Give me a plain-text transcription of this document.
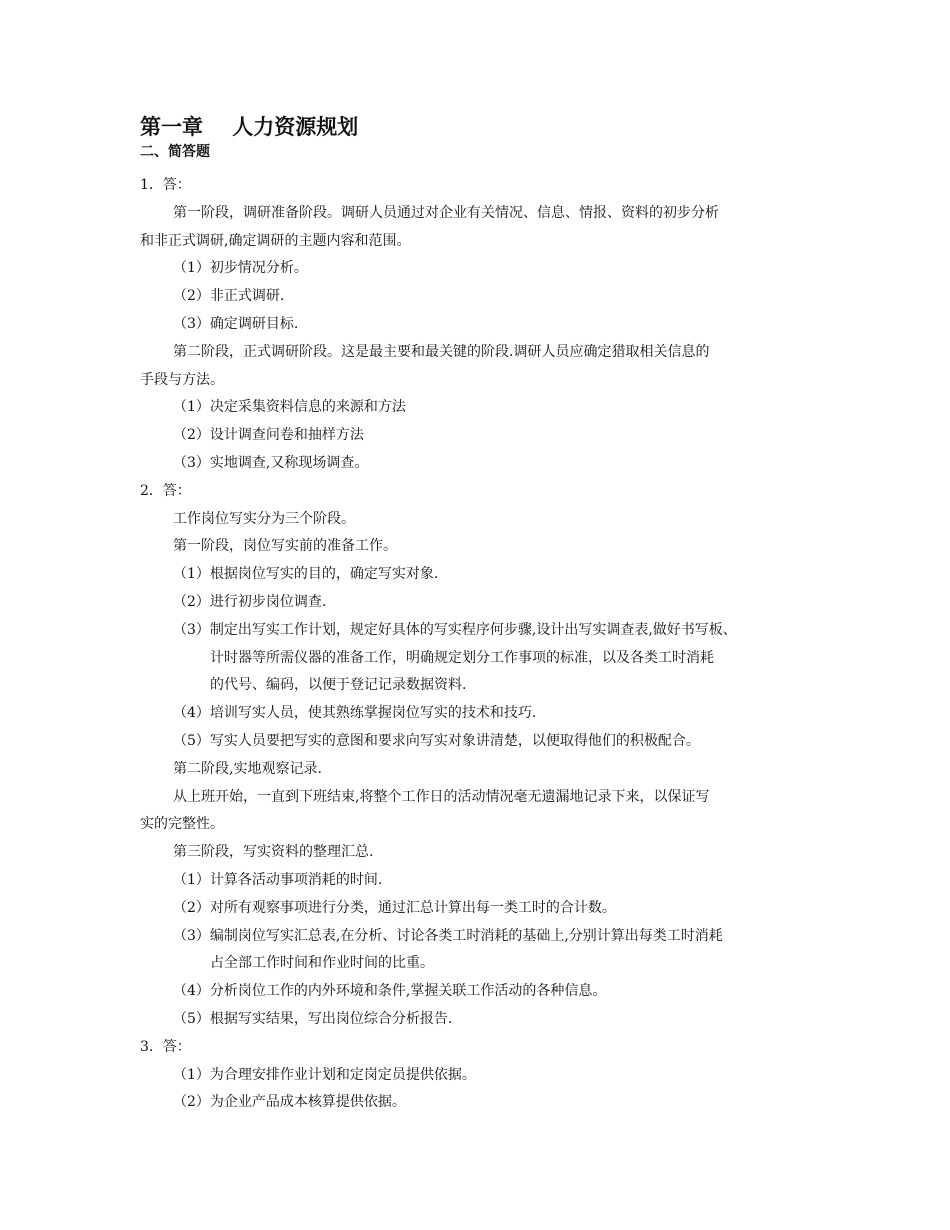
第一章    人力资源规划
二、简答题

1．答：

第一阶段，调研准备阶段。调研人员通过对企业有关情况、信息、情报、资料的初步分析

和非正式调研,确定调研的主题内容和范围。

（1）初步情况分析。

（2）非正式调研.

（3）确定调研目标.

第二阶段，正式调研阶段。这是最主要和最关键的阶段.调研人员应确定猎取相关信息的

手段与方法。

（1）决定采集资料信息的来源和方法

（2）设计调查问卷和抽样方法

（3）实地调查,又称现场调查。

2．答：

工作岗位写实分为三个阶段。

第一阶段，岗位写实前的准备工作。

（1）根据岗位写实的目的，确定写实对象.

（2）进行初步岗位调查.

（3）制定出写实工作计划，规定好具体的写实程序何步骤,设计出写实调查表,做好书写板、

计时器等所需仪器的准备工作，明确规定划分工作事项的标准，以及各类工时消耗

的代号、编码，以便于登记记录数据资料.

（4）培训写实人员，使其熟练掌握岗位写实的技术和技巧.

（5）写实人员要把写实的意图和要求向写实对象讲清楚，以便取得他们的积极配合。

第二阶段,实地观察记录.

从上班开始，一直到下班结束,将整个工作日的活动情况毫无遗漏地记录下来，以保证写

实的完整性。

第三阶段，写实资料的整理汇总.

（1）计算各活动事项消耗的时间.

（2）对所有观察事项进行分类，通过汇总计算出每一类工时的合计数。

（3）编制岗位写实汇总表,在分析、讨论各类工时消耗的基础上,分别计算出每类工时消耗

占全部工作时间和作业时间的比重。

（4）分析岗位工作的内外环境和条件,掌握关联工作活动的各种信息。

（5）根据写实结果，写出岗位综合分析报告.

3．答：

（1）为合理安排作业计划和定岗定员提供依据。

（2）为企业产品成本核算提供依据。
